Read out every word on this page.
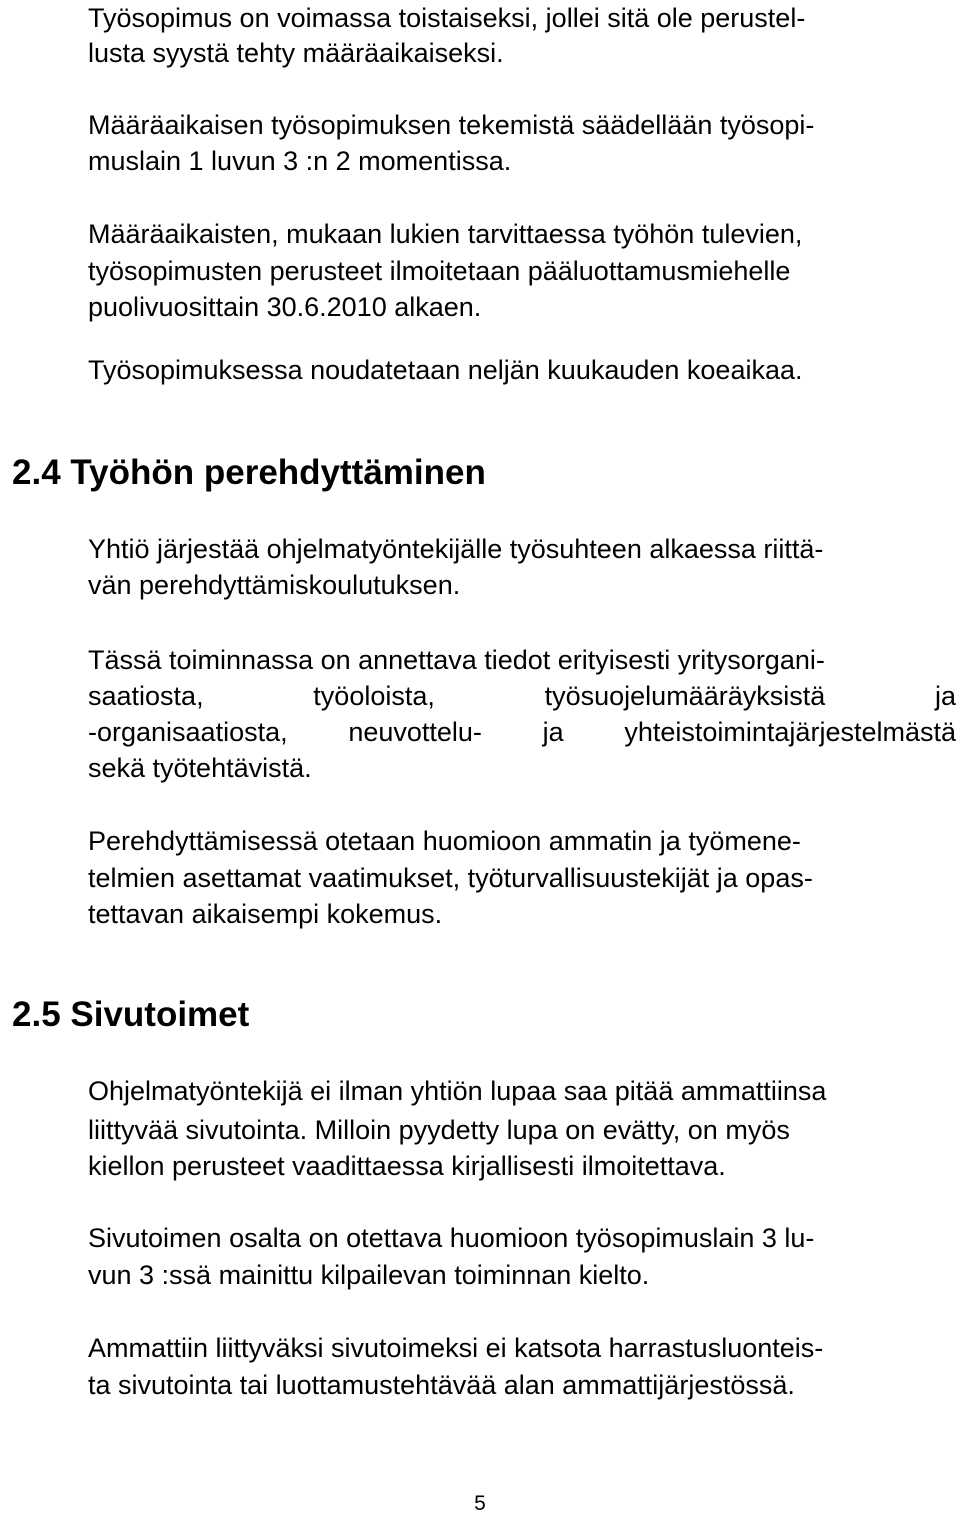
Työsopimus on voimassa toistaiseksi, jollei sitä ole perustel-

lusta syystä tehty määräaikaiseksi.

Määräaikaisen työsopimuksen tekemistä säädellään työsopi-

muslain 1 luvun 3 :n 2 momentissa.

Määräaikaisten, mukaan lukien tarvittaessa työhön tulevien,

työsopimusten perusteet ilmoitetaan pääluottamusmiehelle

puolivuosittain 30.6.2010 alkaen.

Työsopimuksessa noudatetaan neljän kuukauden koeaikaa.

2.4 Työhön perehdyttäminen

Yhtiö järjestää ohjelmatyöntekijälle työsuhteen alkaessa riittä-

vän perehdyttämiskoulutuksen.

Tässä toiminnassa on annettava tiedot erityisesti yritysorgani-

saatiosta, työoloista, työsuojelumääräyksistä ja

-organisaatiosta, neuvottelu- ja yhteistoimintajärjestelmästä

sekä työtehtävistä.

Perehdyttämisessä otetaan huomioon ammatin ja työmene-

telmien asettamat vaatimukset, työturvallisuustekijät ja opas-

tettavan aikaisempi kokemus.

2.5 Sivutoimet

Ohjelmatyöntekijä ei ilman yhtiön lupaa saa pitää ammattiinsa

liittyvää sivutointa. Milloin pyydetty lupa on evätty, on myös

kiellon perusteet vaadittaessa kirjallisesti ilmoitettava.

Sivutoimen osalta on otettava huomioon työsopimuslain 3 lu-

vun 3 :ssä mainittu kilpailevan toiminnan kielto.

Ammattiin liittyväksi sivutoimeksi ei katsota harrastusluonteis-

ta sivutointa tai luottamustehtävää alan ammattijärjestössä.

5
